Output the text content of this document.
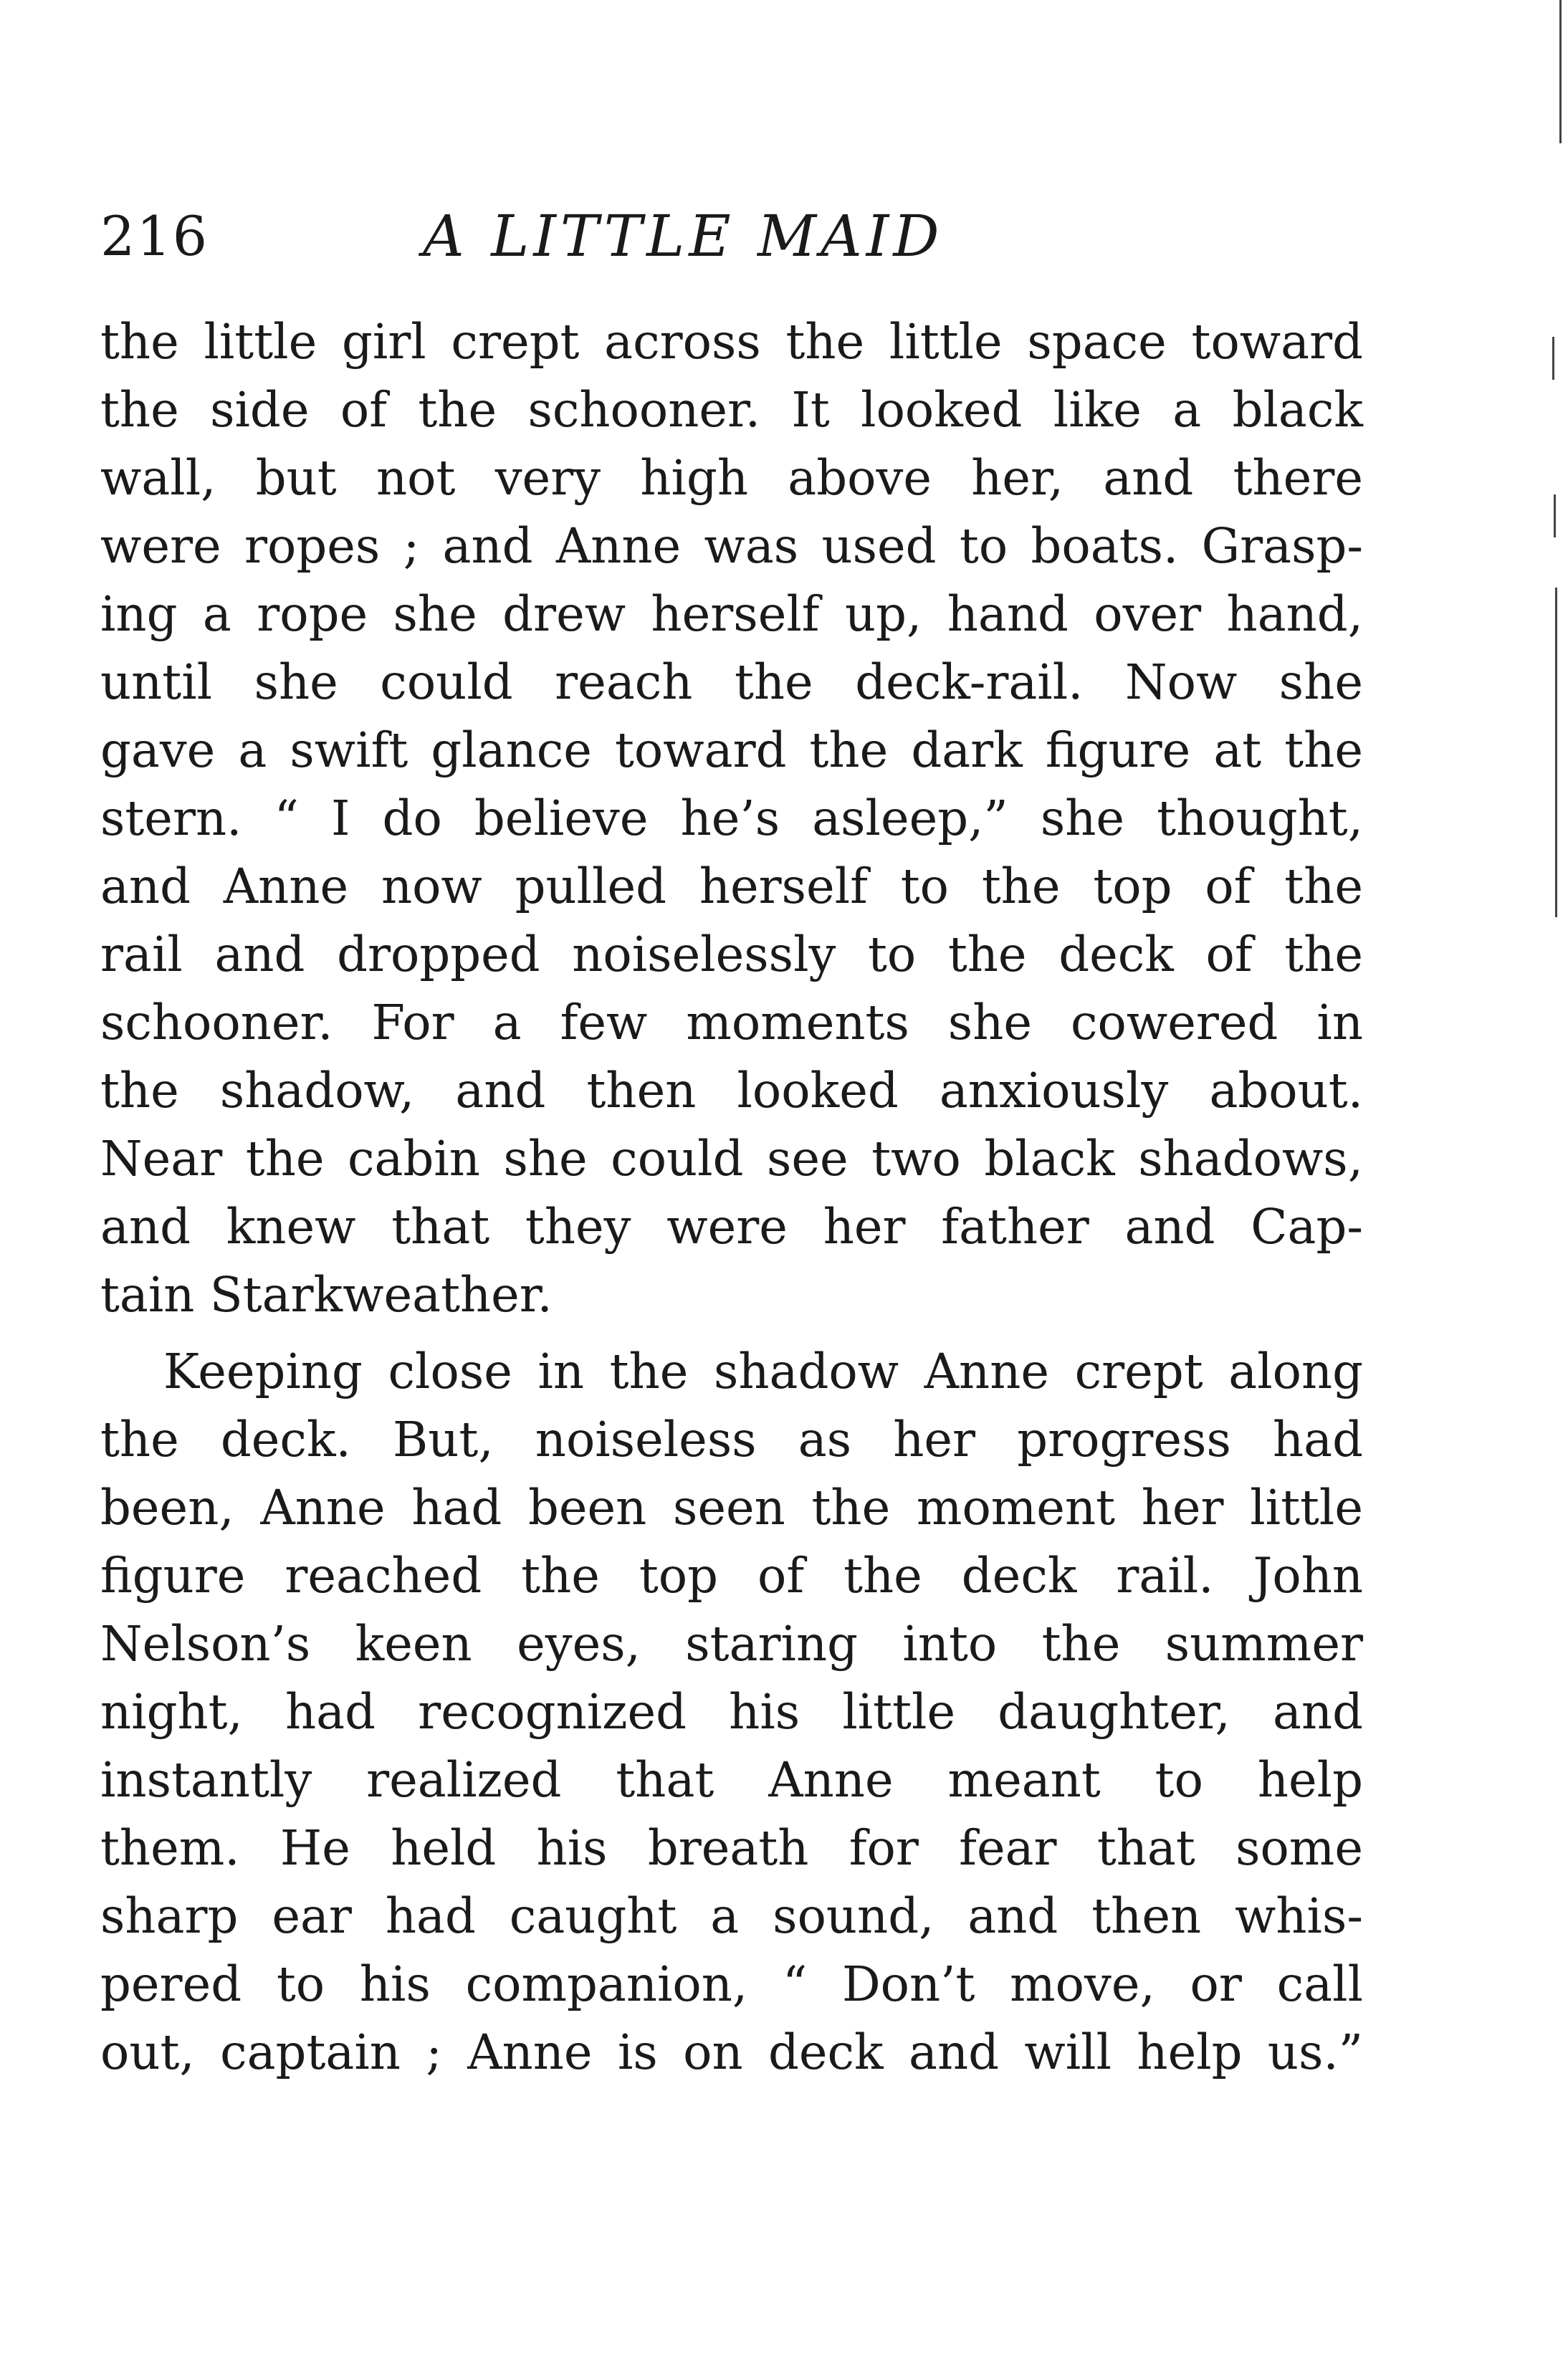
216	A LITTLE MAID
the little girl crept across the little space toward
the side of the schooner. It looked like a black
wall, but not very high above her, and there
were ropes ; and Anne was used to boats. Grasp-
ing a rope she drew herself up, hand over hand,
until she could reach the deck-rail. Now she
gave a swift glance toward the dark figure at the
stern. “ I do believe he’s asleep,” she thought,
and Anne now pulled herself to the top of the
rail and dropped noiselessly to the deck of the
schooner. For a few moments she cowered in
the shadow, and then looked anxiously about.
Near the cabin she could see two black shadows,
and knew that they were her father and Cap-
tain Starkweather.
Keeping close in the shadow Anne crept along
the deck. But, noiseless as her progress had
been, Anne had been seen the moment her little
figure reached the top of the deck rail. John
Nelson’s keen eyes, staring into the summer
night, had recognized his little daughter, and
instantly realized that Anne meant to help
them. He held his breath for fear that some
sharp ear had caught a sound, and then whis-
pered to his companion, “ Don’t move, or call
out, captain ; Anne is on deck and will help us.”
